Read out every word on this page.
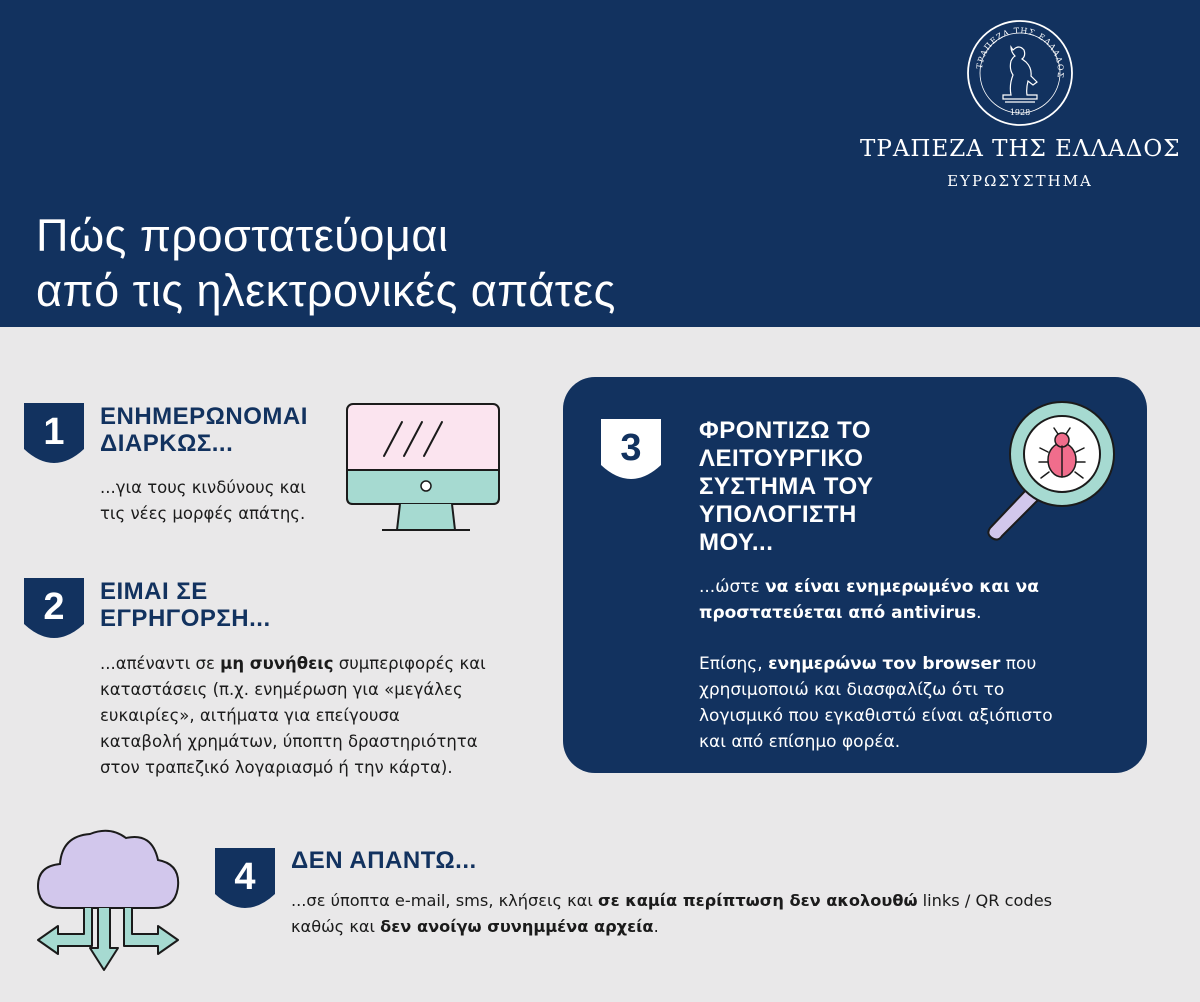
ΤΡΑΠΕΖΑ ΤΗΣ ΕΛΛΑΔΟΣ
1928
ΤΡΑΠΕΖΑ ΤΗΣ ΕΛΛΑΔΟΣ
ΕΥΡΩΣΥΣΤΗΜΑ
Πώς προστατεύομαι
από τις ηλεκτρονικές απάτες
1	ΕΝΗΜΕΡΩΝΟΜΑΙ
ΔΙΑΡΚΩΣ...
...για τους κινδύνους και
τις νέες μορφές απάτης.
2	ΕΙΜΑΙ ΣΕ
ΕΓΡΗΓΟΡΣΗ...
...απέναντι σε μη συνήθεις συμπεριφορές και
καταστάσεις (π.χ. ενημέρωση για «μεγάλες
ευκαιρίες», αιτήματα για επείγουσα
καταβολή χρημάτων, ύποπτη δραστηριότητα
στον τραπεζικό λογαριασμό ή την κάρτα).
3	ΦΡΟΝΤΙΖΩ ΤΟ
ΛΕΙΤΟΥΡΓΙΚΟ
ΣΥΣΤΗΜΑ ΤΟΥ
ΥΠΟΛΟΓΙΣΤΗ
ΜΟΥ...
...ώστε να είναι ενημερωμένο και να
προστατεύεται από antivirus.
Επίσης, ενημερώνω τον browser που
χρησιμοποιώ και διασφαλίζω ότι το
λογισμικό που εγκαθιστώ είναι αξιόπιστο
και από επίσημο φορέα.
4	ΔΕΝ ΑΠΑΝΤΩ...
...σε ύποπτα e-mail, sms, κλήσεις και σε καμία περίπτωση δεν ακολουθώ links / QR codes
καθώς και δεν ανοίγω συνημμένα αρχεία.
